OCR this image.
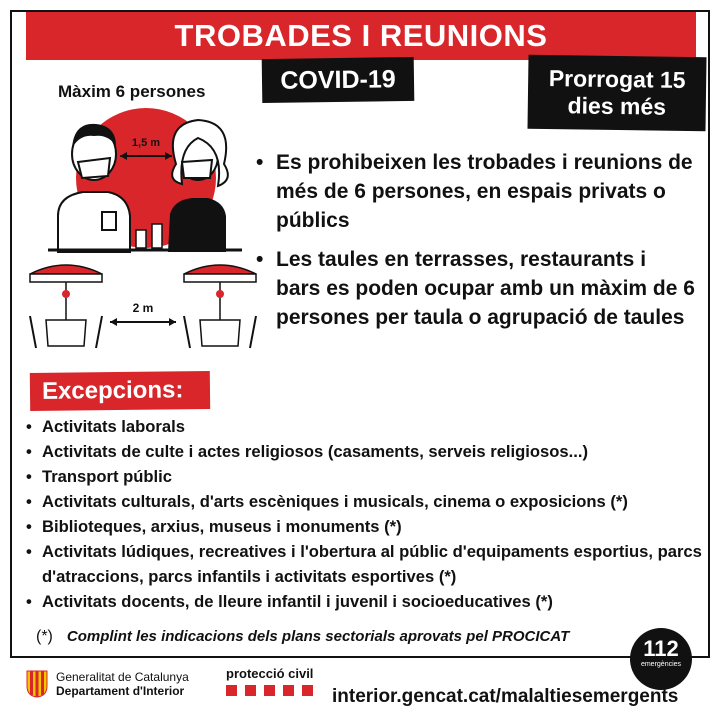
TROBADES I REUNIONS
COVID-19	Prorrogat 15
dies més
Màxim 6 persones
1,5 m
2 m
• Es prohibeixen les trobades i reunions de més de 6 persones, en espais privats o públics
• Les taules en terrasses, restaurants i bars es poden ocupar amb un màxim de 6 persones per taula o agrupació de taules
Excepcions:
• Activitats laborals
• Activitats de culte i actes religiosos (casaments, serveis religiosos...)
• Transport públic
• Activitats culturals, d'arts escèniques i musicals, cinema o exposicions (*)
• Biblioteques, arxius, museus i monuments (*)
• Activitats lúdiques, recreatives i l'obertura al públic d'equipaments esportius, parcs d'atraccions, parcs infantils i activitats esportives (*)
• Activitats docents, de lleure infantil i juvenil i socioeducatives (*)
(*) Complint les indicacions dels plans sectorials aprovats pel PROCICAT	112
emergències
Generalitat de Catalunya
Departament d'Interior
protecció civil
interior.gencat.cat/malaltiesemergents
